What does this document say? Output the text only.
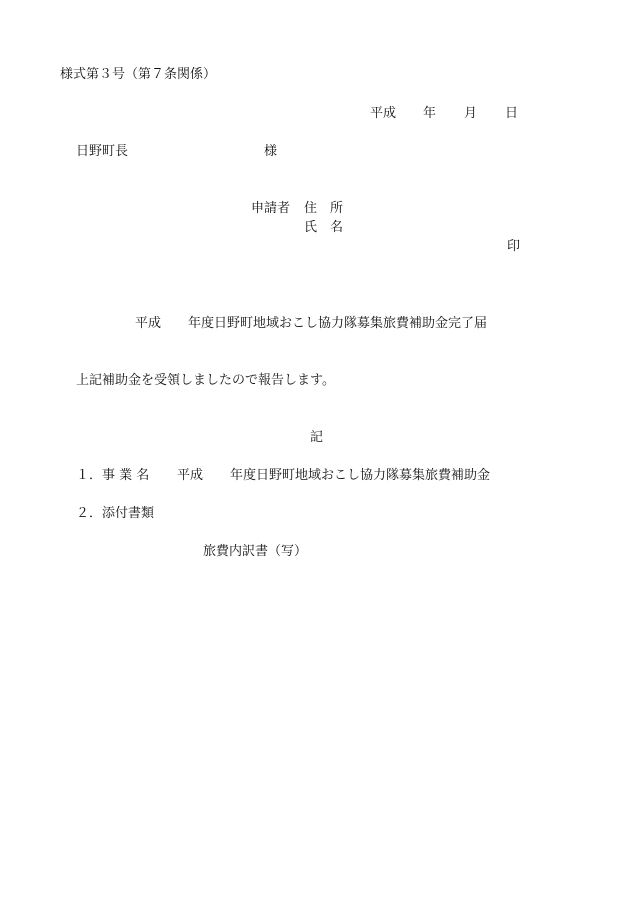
様式第３号（第７条関係）

平成 年 月 日
日野町長	様
申請者 住　所
氏　名
印
平成 年度日野町地域おこし協力隊募集旅費補助金完了届

上記補助金を受領しましたので報告します。

記

１． 事 業 名 平成 年度日野町地域おこし協力隊募集旅費補助金
２． 添付書類
旅費内訳書（写）
